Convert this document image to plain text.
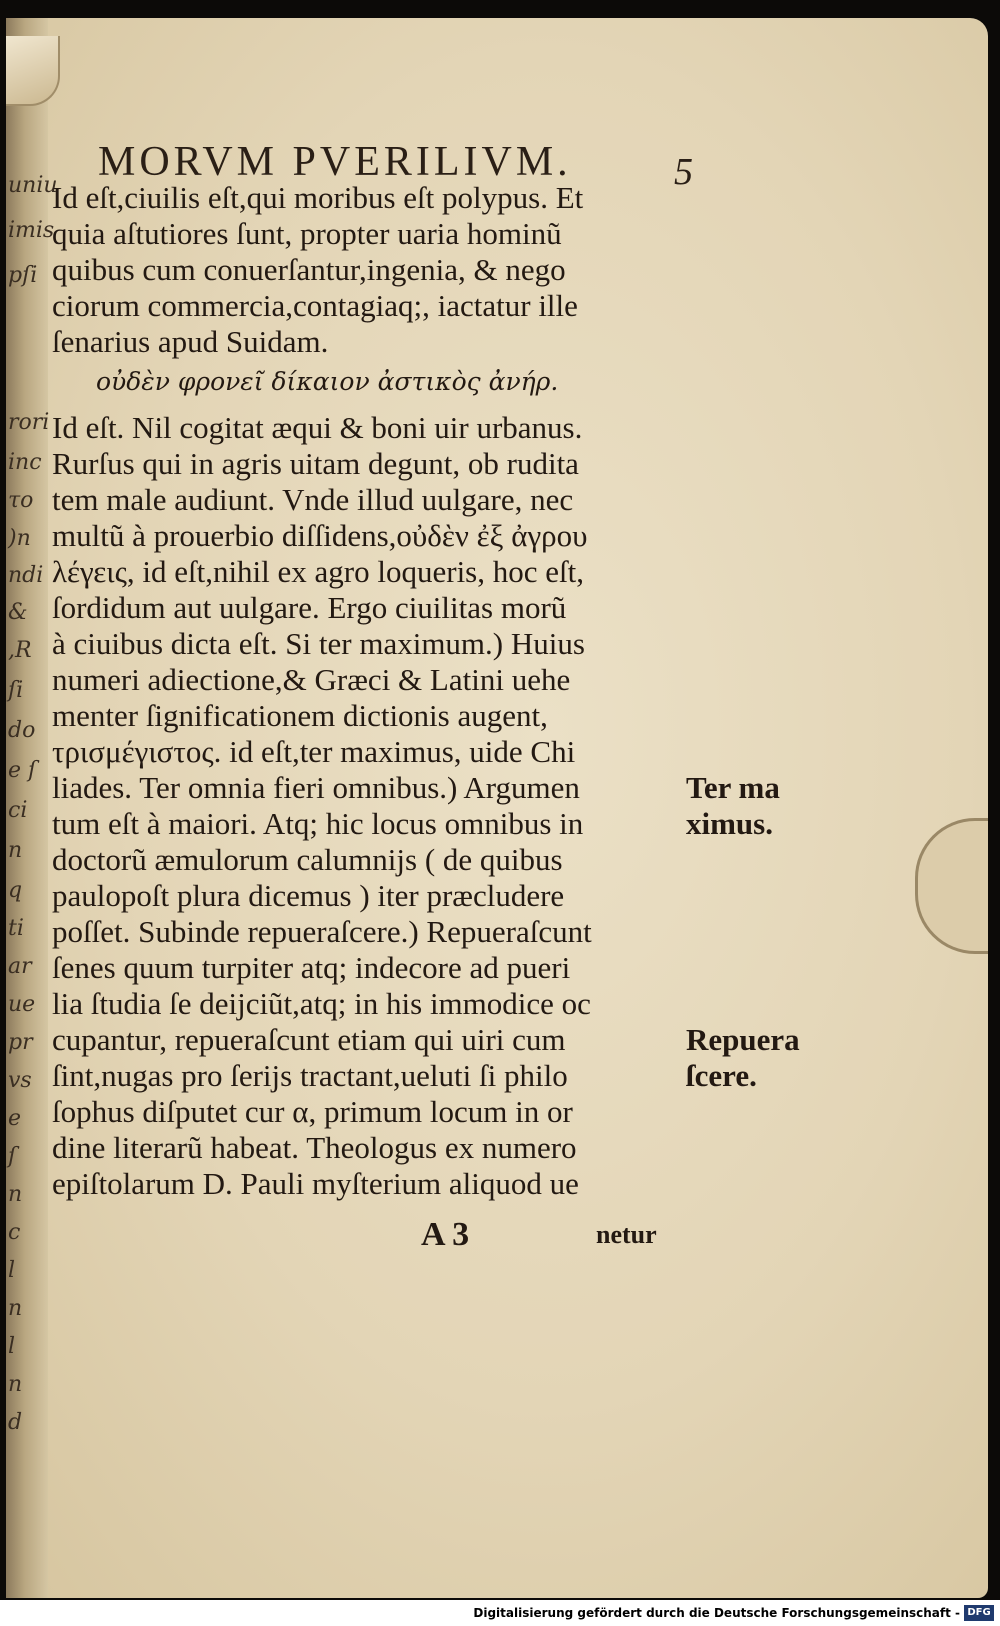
uniu
imis
pſi
rori
inc
το
)n
ndi
&
,R
ſi
do
e ſ
ci
n
q
ti
ar
ue
pr
vs
e
ſ
n
c
l
n
l
n
d
MORVM PVERILIVM.	5
Id eſt,ciuilis eſt,qui moribus eſt polypus. Et
quia aſtutiores ſunt, propter uaria hominũ
quibus cum conuerſantur,ingenia, & nego
ciorum commercia,contagiaq;, iactatur ille
ſenarius apud Suidam.
οὐδὲν φρονεῖ δίκαιον ἀστικὸς ἀνήρ.
Id eſt. Nil cogitat æqui & boni uir urbanus.
Rurſus qui in agris uitam degunt, ob rudita
tem male audiunt. Vnde illud uulgare, nec
multũ à prouerbio diſſidens,οὐδὲν ἐξ ἀγρου
λέγεις, id eſt,nihil ex agro loqueris, hoc eſt,
ſordidum aut uulgare. Ergo ciuilitas morũ
à ciuibus dicta eſt. Si ter maximum.) Huius
numeri adiectione,& Græci & Latini uehe
menter ſignificationem dictionis augent,
τρισμέγιστος. id eſt,ter maximus, uide Chi
liades. Ter omnia fieri omnibus.) Argumen
tum eſt à maiori. Atq; hic locus omnibus in
doctorũ æmulorum calumnijs ( de quibus
paulopoſt plura dicemus ) iter præcludere
poſſet. Subinde repueraſcere.) Repueraſcunt
ſenes quum turpiter atq; indecore ad pueri
lia ſtudia ſe deijciũt,atq; in his immodice oc
cupantur, repueraſcunt etiam qui uiri cum
ſint,nugas pro ſerijs tractant,ueluti ſi philo
ſophus diſputet cur α, primum locum in or
dine literarũ habeat. Theologus ex numero
epiſtolarum D. Pauli myſterium aliquod ue
Ter ma
ximus.
Repuera
ſcere.
A 3	netur
Digitalisierung gefördert durch die Deutsche Forschungsgemeinschaft - DFG
